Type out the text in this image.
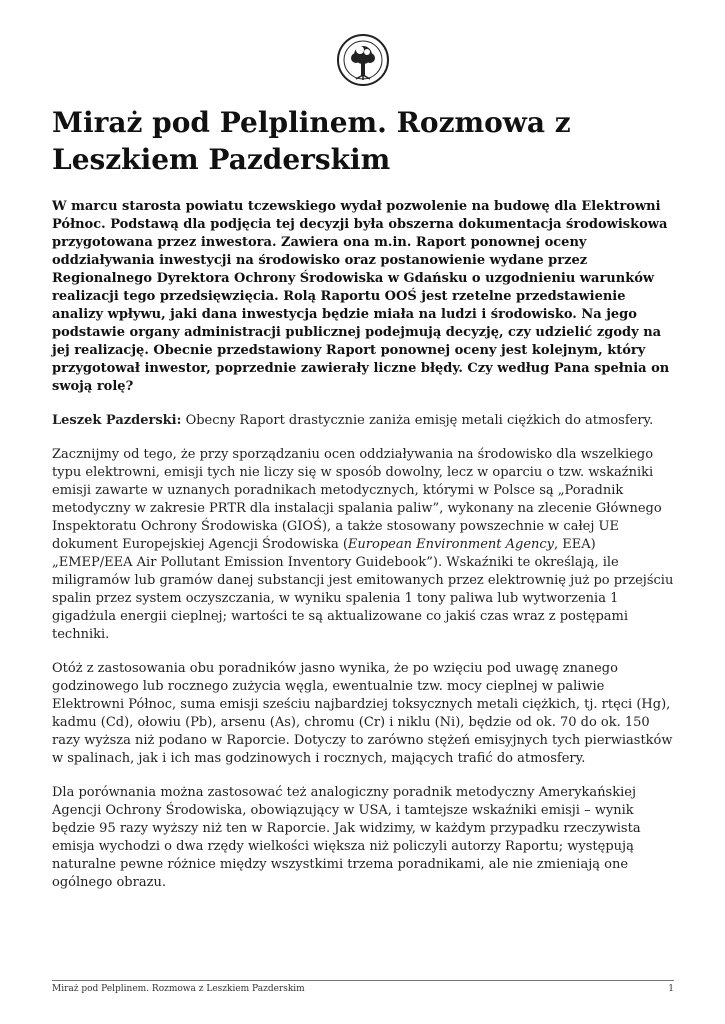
Miraż pod Pelplinem. Rozmowa z Leszkiem Pazderskim

W marcu starosta powiatu tczewskiego wydał pozwolenie na budowę dla Elektrowni Północ. Podstawą dla podjęcia tej decyzji była obszerna dokumentacja środowiskowa przygotowana przez inwestora. Zawiera ona m.in. Raport ponownej oceny oddziaływania inwestycji na środowisko oraz postanowienie wydane przez Regionalnego Dyrektora Ochrony Środowiska w Gdańsku o uzgodnieniu warunków realizacji tego przedsięwzięcia. Rolą Raportu OOŚ jest rzetelne przedstawienie analizy wpływu, jaki dana inwestycja będzie miała na ludzi i środowisko. Na jego podstawie organy administracji publicznej podejmują decyzję, czy udzielić zgody na jej realizację. Obecnie przedstawiony Raport ponownej oceny jest kolejnym, który przygotował inwestor, poprzednie zawierały liczne błędy. Czy według Pana spełnia on swoją rolę?

Leszek Pazderski: Obecny Raport drastycznie zaniża emisję metali ciężkich do atmosfery.

Zacznijmy od tego, że przy sporządzaniu ocen oddziaływania na środowisko dla wszelkiego typu elektrowni, emisji tych nie liczy się w sposób dowolny, lecz w oparciu o tzw. wskaźniki emisji zawarte w uznanych poradnikach metodycznych, którymi w Polsce są „Poradnik metodyczny w zakresie PRTR dla instalacji spalania paliw”, wykonany na zlecenie Głównego Inspektoratu Ochrony Środowiska (GIOŚ), a także stosowany powszechnie w całej UE dokument Europejskiej Agencji Środowiska (European Environment Agency, EEA) „EMEP/EEA Air Pollutant Emission Inventory Guidebook”). Wskaźniki te określają, ile miligramów lub gramów danej substancji jest emitowanych przez elektrownię już po przejściu spalin przez system oczyszczania, w wyniku spalenia 1 tony paliwa lub wytworzenia 1 gigadżula energii cieplnej; wartości te są aktualizowane co jakiś czas wraz z postępami techniki.

Otóż z zastosowania obu poradników jasno wynika, że po wzięciu pod uwagę znanego godzinowego lub rocznego zużycia węgla, ewentualnie tzw. mocy cieplnej w paliwie Elektrowni Północ, suma emisji sześciu najbardziej toksycznych metali ciężkich, tj. rtęci (Hg), kadmu (Cd), ołowiu (Pb), arsenu (As), chromu (Cr) i niklu (Ni), będzie od ok. 70 do ok. 150 razy wyższa niż podano w Raporcie. Dotyczy to zarówno stężeń emisyjnych tych pierwiastków w spalinach, jak i ich mas godzinowych i rocznych, mających trafić do atmosfery.

Dla porównania można zastosować też analogiczny poradnik metodyczny Amerykańskiej Agencji Ochrony Środowiska, obowiązujący w USA, i tamtejsze wskaźniki emisji – wynik będzie 95 razy wyższy niż ten w Raporcie. Jak widzimy, w każdym przypadku rzeczywista emisja wychodzi o dwa rzędy wielkości większa niż policzyli autorzy Raportu; występują naturalne pewne różnice między wszystkimi trzema poradnikami, ale nie zmieniają one ogólnego obrazu.

Miraż pod Pelplinem. Rozmowa z Leszkiem Pazderskim	1
